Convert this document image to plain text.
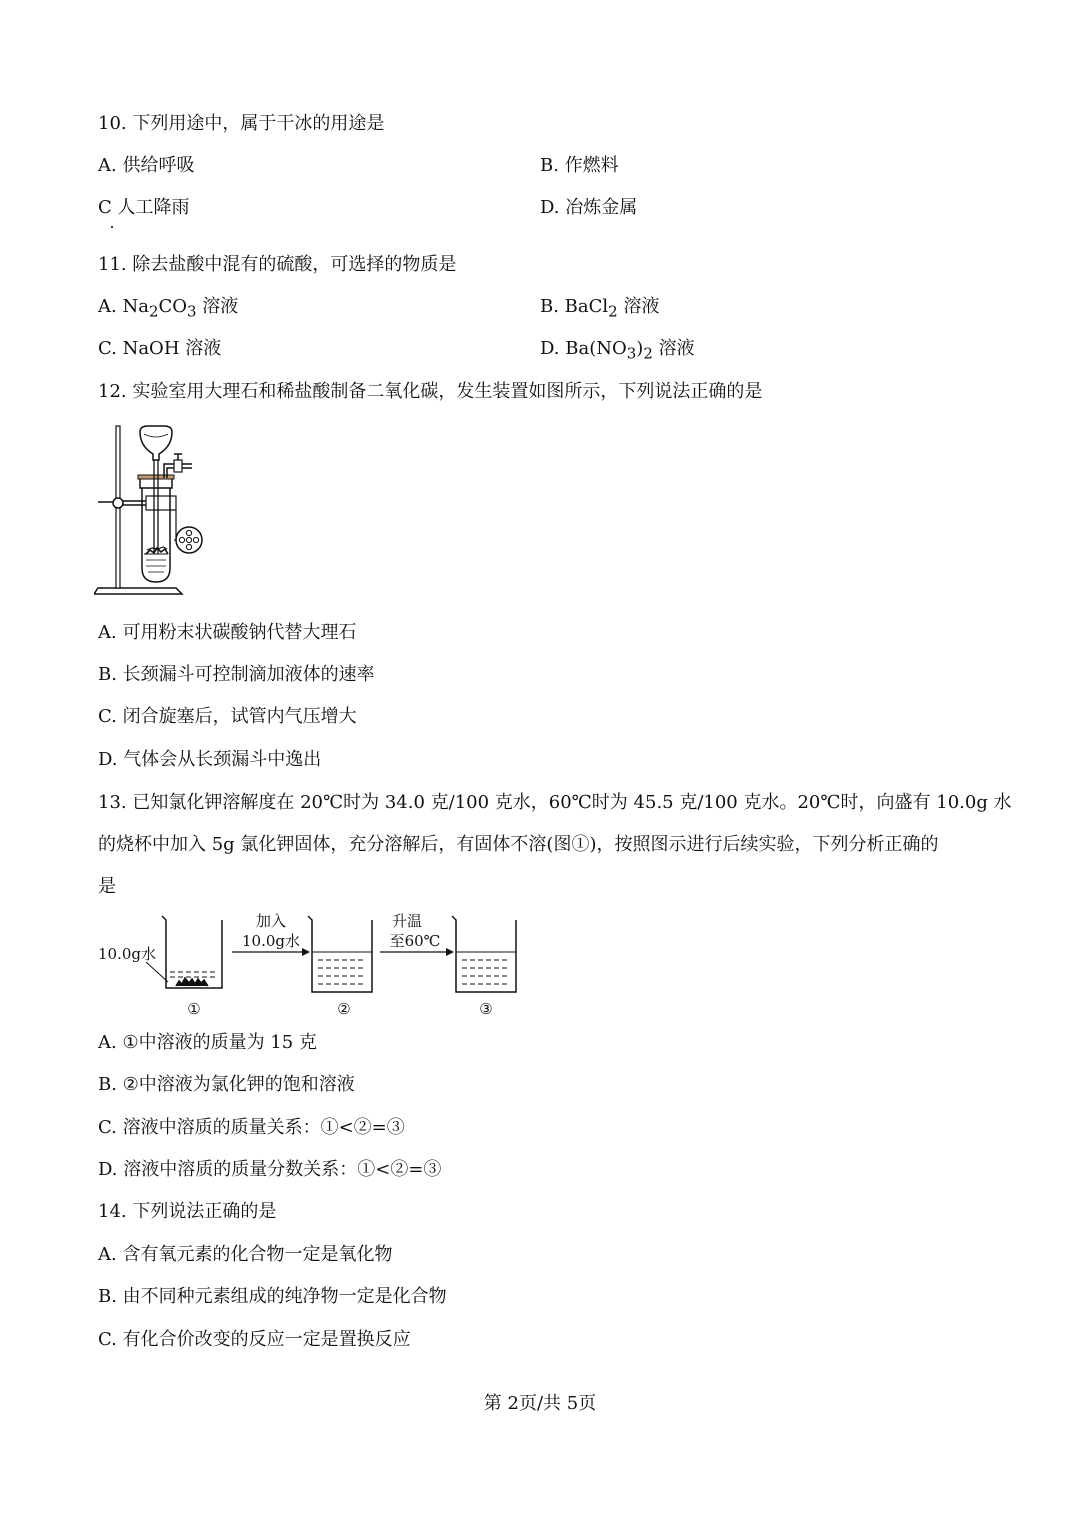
10. 下列用途中，属于干冰的用途是
A. 供给呼吸	B. 作燃料
C 人工降雨	D. 冶炼金属
11. 除去盐酸中混有的硫酸，可选择的物质是
A. $Na_2CO_3$ 溶液	B. BaCl$_2$ 溶液
C. NaOH 溶液	D. $Ba(NO_3)_2$ 溶液
12. 实验室用大理石和稀盐酸制备二氧化碳，发生装置如图所示，下列说法正确的是
A. 可用粉末状碳酸钠代替大理石
B. 长颈漏斗可控制滴加液体的速率
C. 闭合旋塞后，试管内气压增大
D. 气体会从长颈漏斗中逸出
13. 已知氯化钾溶解度在 20℃时为 34.0 克/100 克水，60℃时为 45.5 克/100 克水。20℃时，向盛有 10.0g 水
的烧杯中加入 5g 氯化钾固体，充分溶解后，有固体不溶(图①)，按照图示进行后续实验，下列分析正确的
是
10.0g水
①
加入
10.0g水
②
升温
至60℃
③
A. ①中溶液的质量为 15 克
B. ②中溶液为氯化钾的饱和溶液
C. 溶液中溶质的质量关系：①<②=③
D. 溶液中溶质的质量分数关系：①<②=③
14. 下列说法正确的是
A. 含有氧元素的化合物一定是氧化物
B. 由不同种元素组成的纯净物一定是化合物
C. 有化合价改变的反应一定是置换反应
第 2页/共 5页
